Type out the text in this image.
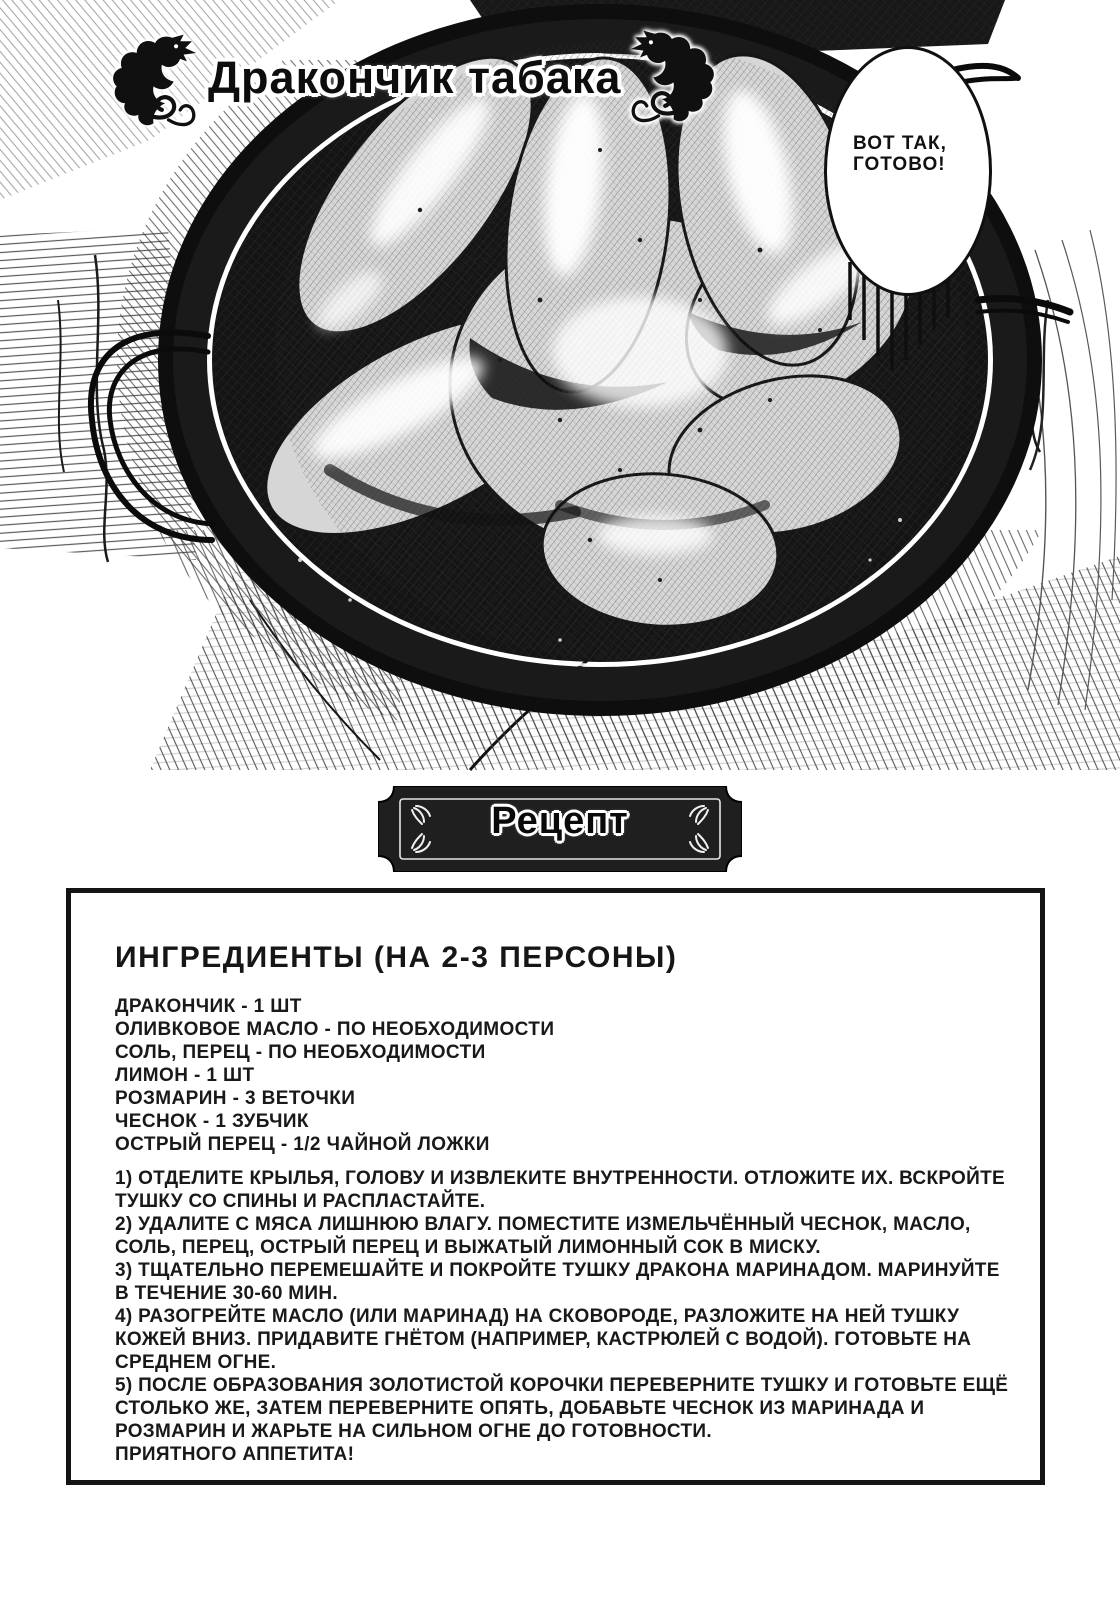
Дракончик табака
ВОТ ТАК,
ГОТОВО!
Рецепт
ИНГРЕДИЕНТЫ (НА 2-3 ПЕРСОНЫ)
ДРАКОНЧИК - 1 ШТ
ОЛИВКОВОЕ МАСЛО - ПО НЕОБХОДИМОСТИ
СОЛЬ, ПЕРЕЦ - ПО НЕОБХОДИМОСТИ
ЛИМОН - 1 ШТ
РОЗМАРИН - 3 ВЕТОЧКИ
ЧЕСНОК - 1 ЗУБЧИК
ОСТРЫЙ ПЕРЕЦ - 1/2 ЧАЙНОЙ ЛОЖКИ

1) ОТДЕЛИТЕ КРЫЛЬЯ, ГОЛОВУ И ИЗВЛЕКИТЕ ВНУТРЕННОСТИ. ОТЛОЖИТЕ ИХ. ВСКРОЙТЕ ТУШКУ СО СПИНЫ И РАСПЛАСТАЙТЕ.

2) УДАЛИТЕ С МЯСА ЛИШНЮЮ ВЛАГУ. ПОМЕСТИТЕ ИЗМЕЛЬЧЁННЫЙ ЧЕСНОК, МАСЛО, СОЛЬ, ПЕРЕЦ, ОСТРЫЙ ПЕРЕЦ И ВЫЖАТЫЙ ЛИМОННЫЙ СОК В МИСКУ.

3) ТЩАТЕЛЬНО ПЕРЕМЕШАЙТЕ И ПОКРОЙТЕ ТУШКУ ДРАКОНА МАРИНАДОМ. МАРИНУЙТЕ В ТЕЧЕНИЕ 30-60 МИН.

4) РАЗОГРЕЙТЕ МАСЛО (ИЛИ МАРИНАД) НА СКОВОРОДЕ, РАЗЛОЖИТЕ НА НЕЙ ТУШКУ КОЖЕЙ ВНИЗ. ПРИДАВИТЕ ГНЁТОМ (НАПРИМЕР, КАСТРЮЛЕЙ С ВОДОЙ). ГОТОВЬТЕ НА СРЕДНЕМ ОГНЕ.

5) ПОСЛЕ ОБРАЗОВАНИЯ ЗОЛОТИСТОЙ КОРОЧКИ ПЕРЕВЕРНИТЕ ТУШКУ И ГОТОВЬТЕ ЕЩЁ СТОЛЬКО ЖЕ, ЗАТЕМ ПЕРЕВЕРНИТЕ ОПЯТЬ, ДОБАВЬТЕ ЧЕСНОК ИЗ МАРИНАДА И РОЗМАРИН И ЖАРЬТЕ НА СИЛЬНОМ ОГНЕ ДО ГОТОВНОСТИ.

ПРИЯТНОГО АППЕТИТА!
